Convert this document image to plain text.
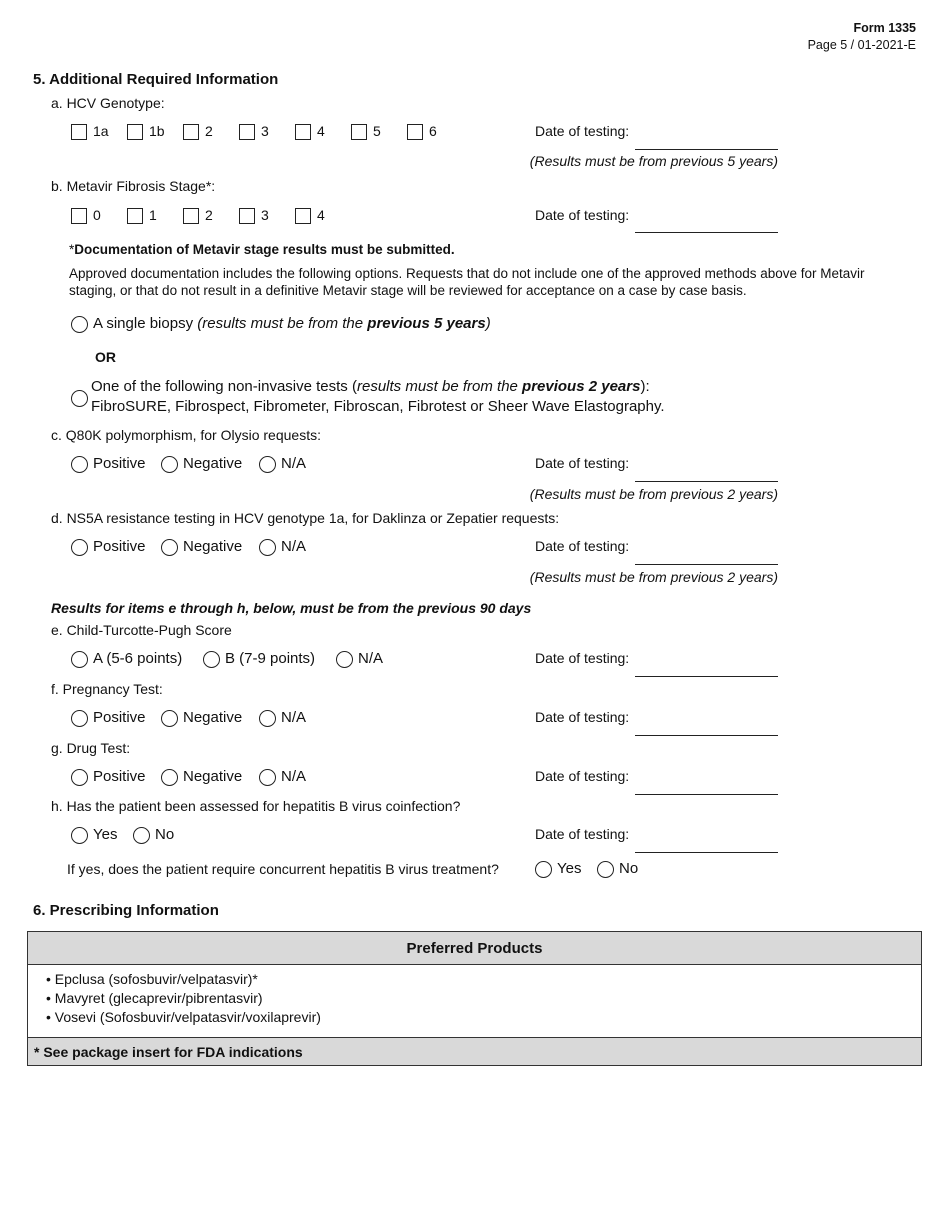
Form 1335
Page 5 / 01-2021-E
5. Additional Required Information
a. HCV Genotype:
1a	1b	2	3	4	5	6	Date of testing:
(Results must be from previous 5 years)
b. Metavir Fibrosis Stage*:
0	1	2	3	4	Date of testing:
*Documentation of Metavir stage results must be submitted.
Approved documentation includes the following options. Requests that do not include one of the approved methods above for Metavir staging, or that do not result in a definitive Metavir stage will be reviewed for acceptance on a case by case basis.
A single biopsy (results must be from the previous 5 years)
OR
One of the following non-invasive tests (results must be from the previous 2 years):
FibroSURE, Fibrospect, Fibrometer, Fibroscan, Fibrotest or Sheer Wave Elastography.
c. Q80K polymorphism, for Olysio requests:
Positive	Negative	N/A	Date of testing:
(Results must be from previous 2 years)
d. NS5A resistance testing in HCV genotype 1a, for Daklinza or Zepatier requests:
Positive	Negative	N/A	Date of testing:
(Results must be from previous 2 years)
Results for items e through h, below, must be from the previous 90 days
e. Child-Turcotte-Pugh Score
A (5-6 points)	B (7-9 points)	N/A	Date of testing:
f. Pregnancy Test:
Positive	Negative	N/A	Date of testing:
g. Drug Test:
Positive	Negative	N/A	Date of testing:
h. Has the patient been assessed for hepatitis B virus coinfection?
Yes	No	Date of testing:
If yes, does the patient require concurrent hepatitis B virus treatment?	Yes	No
6. Prescribing Information
Preferred Products

• Epclusa (sofosbuvir/velpatasvir)*
• Mavyret (glecaprevir/pibrentasvir)
• Vosevi (Sofosbuvir/velpatasvir/voxilaprevir)

* See package insert for FDA indications
